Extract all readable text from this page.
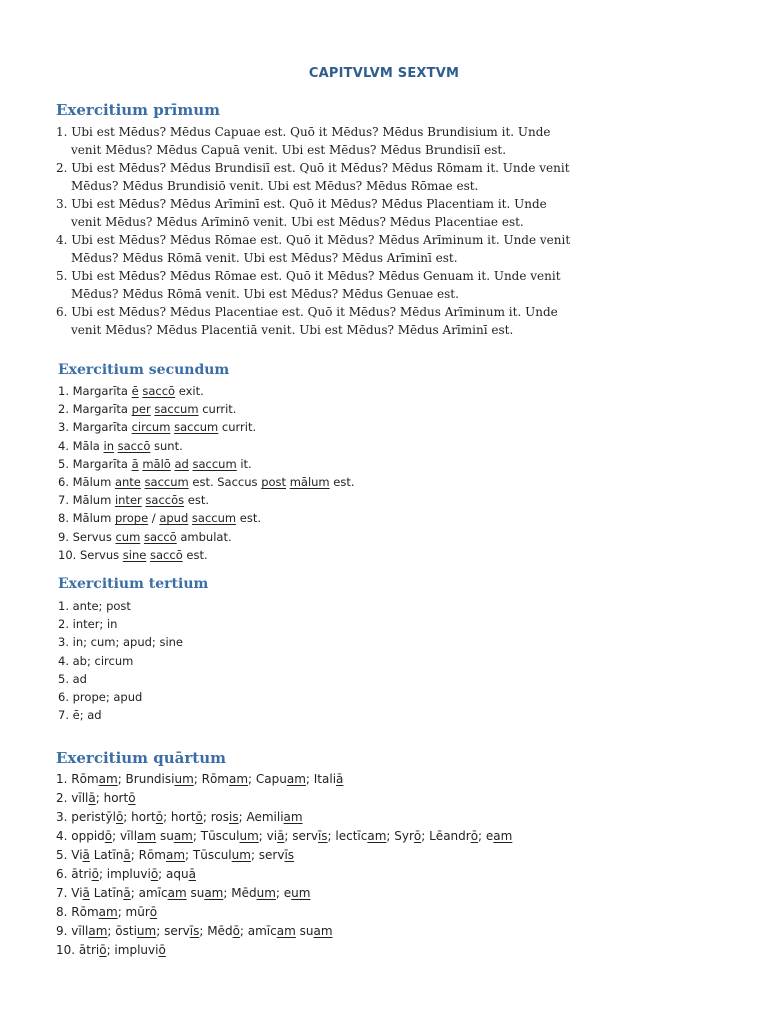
CAPITVLVM SEXTVM
Exercitium prīmum
1. Ubi est Mēdus? Mēdus Capuae est. Quō it Mēdus? Mēdus Brundisium it. Unde
venit Mēdus? Mēdus Capuā venit. Ubi est Mēdus? Mēdus Brundisiī est.
2. Ubi est Mēdus? Mēdus Brundisiī est. Quō it Mēdus? Mēdus Rōmam it. Unde venit
Mēdus? Mēdus Brundisiō venit. Ubi est Mēdus? Mēdus Rōmae est.
3. Ubi est Mēdus? Mēdus Arīminī est. Quō it Mēdus? Mēdus Placentiam it. Unde
venit Mēdus? Mēdus Arīminō venit. Ubi est Mēdus? Mēdus Placentiae est.
4. Ubi est Mēdus? Mēdus Rōmae est. Quō it Mēdus? Mēdus Arīminum it. Unde venit
Mēdus? Mēdus Rōmā venit. Ubi est Mēdus? Mēdus Arīminī est.
5. Ubi est Mēdus? Mēdus Rōmae est. Quō it Mēdus? Mēdus Genuam it. Unde venit
Mēdus? Mēdus Rōmā venit. Ubi est Mēdus? Mēdus Genuae est.
6. Ubi est Mēdus? Mēdus Placentiae est. Quō it Mēdus? Mēdus Arīminum it. Unde
venit Mēdus? Mēdus Placentiā venit. Ubi est Mēdus? Mēdus Arīminī est.
Exercitium secundum
1. Margarīta ē saccō exit.
2. Margarīta per saccum currit.
3. Margarīta circum saccum currit.
4. Māla in saccō sunt.
5. Margarīta ā mālō ad saccum it.
6. Mālum ante saccum est. Saccus post mālum est.
7. Mālum inter saccōs est.
8. Mālum prope / apud saccum est.
9. Servus cum saccō ambulat.
10. Servus sine saccō est.
Exercitium tertium
1. ante; post
2. inter; in
3. in; cum; apud; sine
4. ab; circum
5. ad
6. prope; apud
7. ē; ad
Exercitium quārtum
1. Rōmam; Brundisium; Rōmam; Capuam; Italiā
2. vīllā; hortō
3. peristȳlō; hortō; hortō; rosis; Aemiliam
4. oppidō; vīllam suam; Tūsculum; viā; servīs; lectīcam; Syrō; Lēandrō; eam
5. Viā Latīnā; Rōmam; Tūsculum; servīs
6. ātriō; impluviō; aquā
7. Viā Latīnā; amīcam suam; Mēdum; eum
8. Rōmam; mūrō
9. vīllam; ōstium; servīs; Mēdō; amīcam suam
10. ātriō; impluviō
